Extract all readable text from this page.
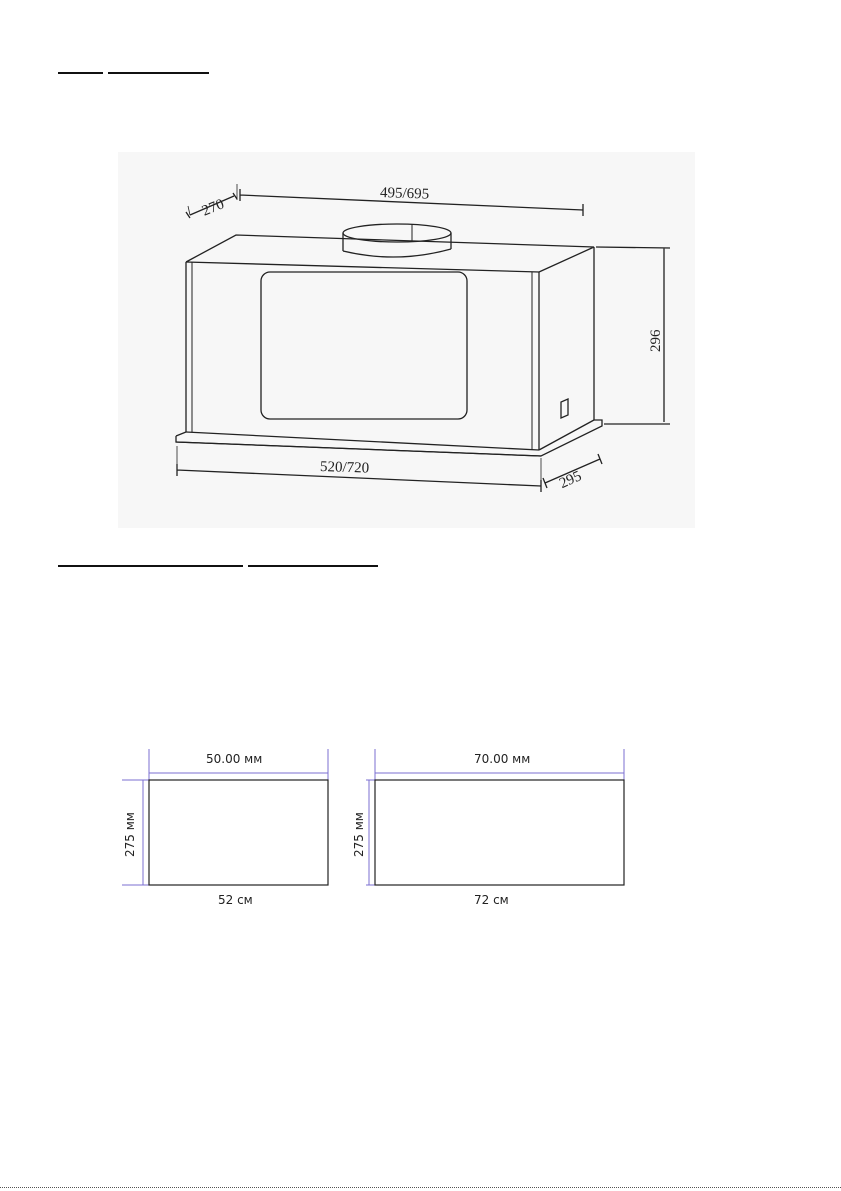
270
495/695
296
520/720
295
50.00 мм
275 мм
52 см
70.00 мм
275 мм
72 см
